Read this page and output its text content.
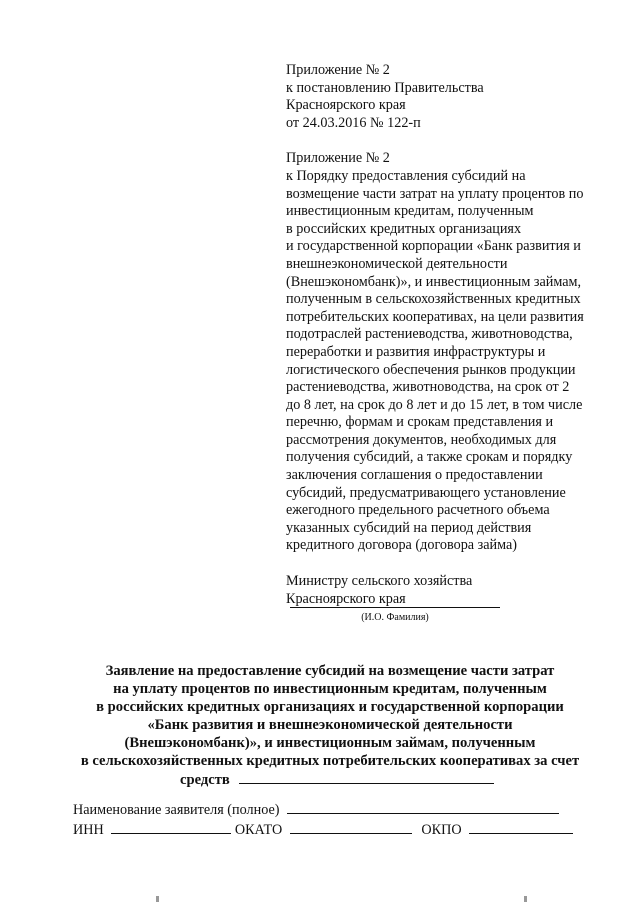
Приложение № 2
к постановлению Правительства
Красноярского края
от 24.03.2016 № 122-п
Приложение № 2
к Порядку предоставления субсидий на
возмещение части затрат на уплату процентов по
инвестиционным кредитам, полученным
в российских кредитных организациях
и государственной корпорации «Банк развития и
внешнеэкономической деятельности
(Внешэкономбанк)», и инвестиционным займам,
полученным в сельскохозяйственных кредитных
потребительских кооперативах, на цели развития
подотраслей растениеводства, животноводства,
переработки и развития инфраструктуры и
логистического обеспечения рынков продукции
растениеводства, животноводства, на срок от 2
до 8 лет, на срок до 8 лет и до 15 лет, в том числе
перечню, формам и срокам представления и
рассмотрения документов, необходимых для
получения субсидий, а также срокам и порядку
заключения соглашения о предоставлении
субсидий, предусматривающего установление
ежегодного предельного расчетного объема
указанных субсидий на период действия
кредитного договора (договора займа)
Министру сельского хозяйства
Красноярского края
(И.О. Фамилия)
Заявление на предоставление субсидий на возмещение части затрат
на уплату процентов по инвестиционным кредитам, полученным
в российских кредитных организациях и государственной корпорации
«Банк развития и внешнеэкономической деятельности
(Внешэкономбанк)», и инвестиционным займам, полученным
в сельскохозяйственных кредитных потребительских кооперативах за счет
средств
Наименование заявителя (полное)
ИНН	ОКАТО	ОКПО
